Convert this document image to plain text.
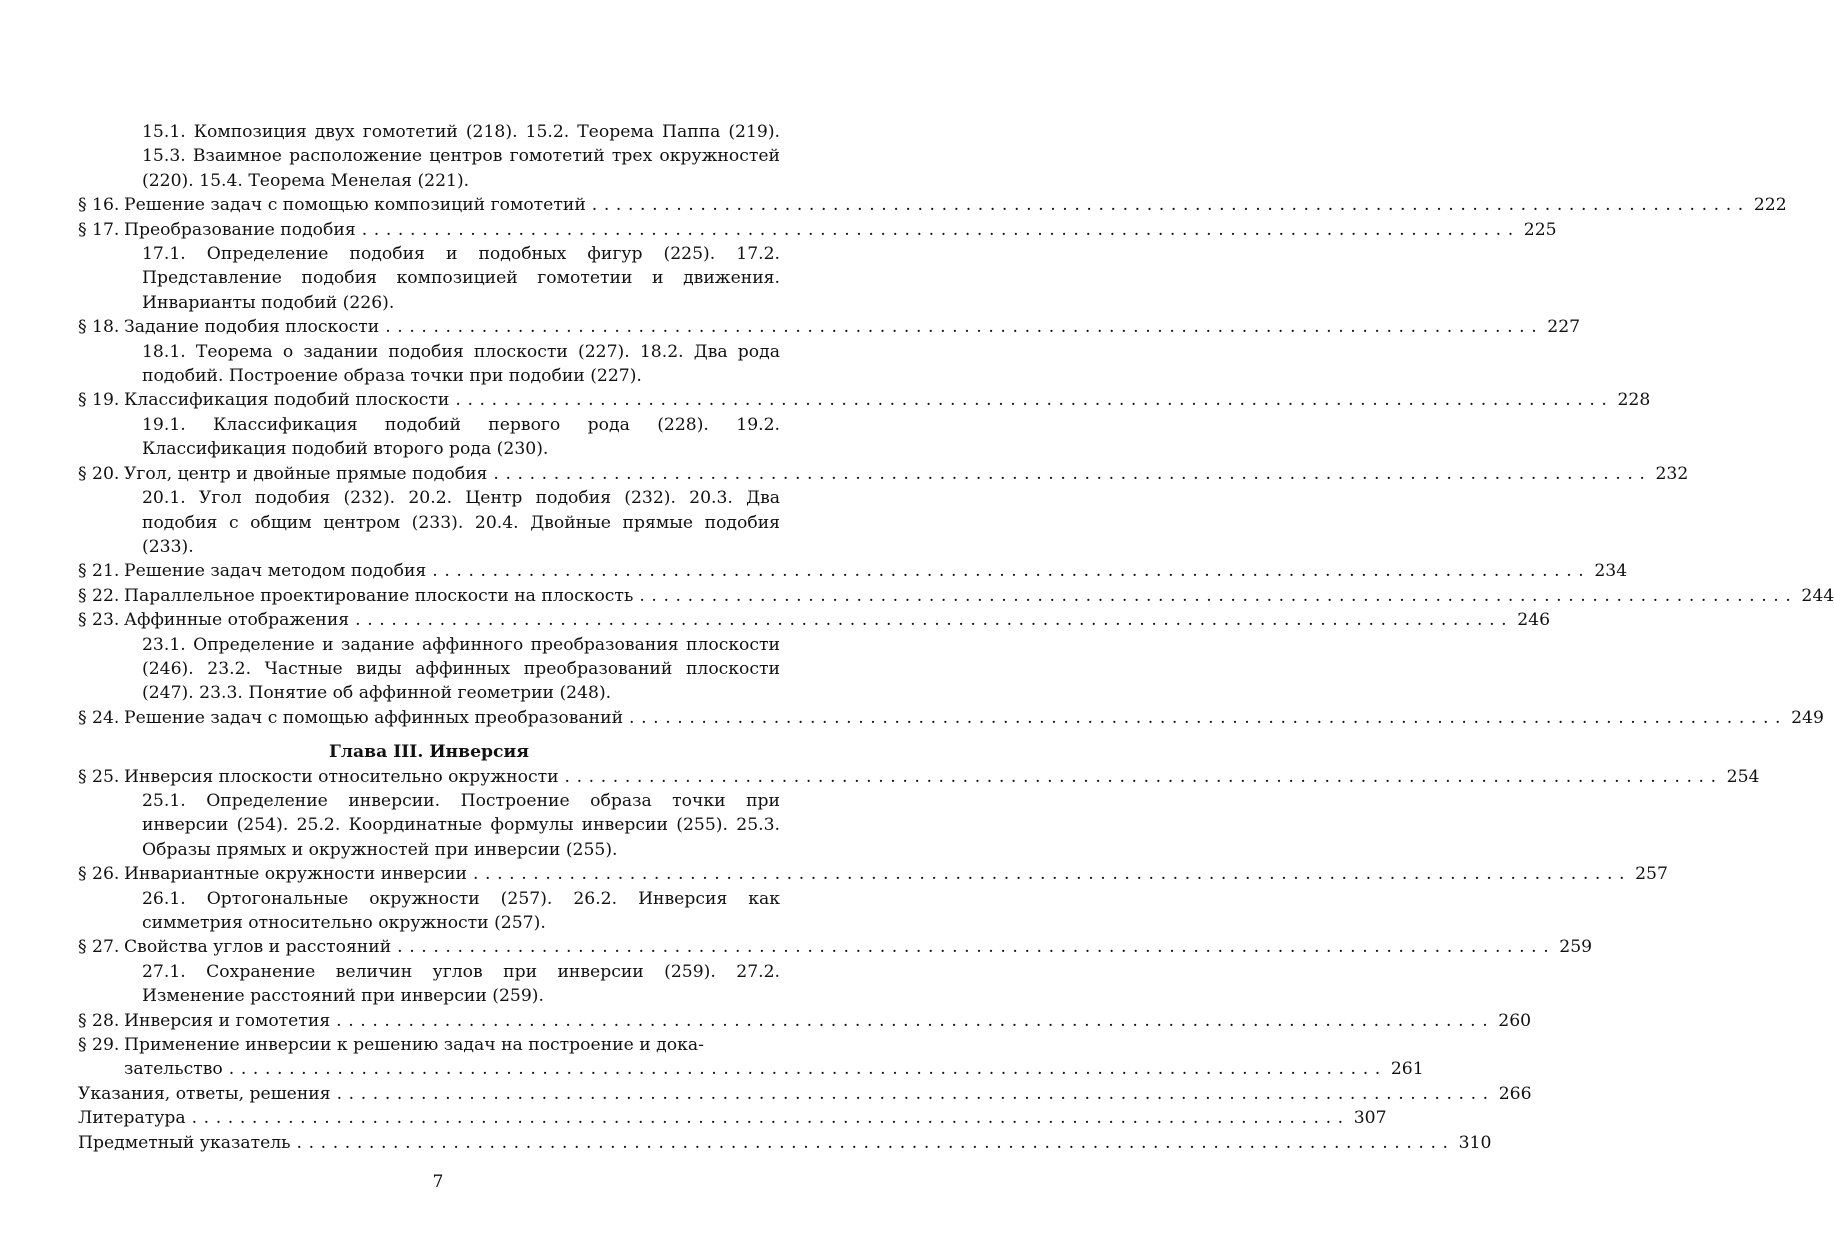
15.1. Композиция двух гомотетий (218). 15.2. Теорема Паппа (219). 15.3. Взаимное расположение центров гомотетий трех окружностей (220). 15.4. Теорема Менелая (221).
§ 16. Решение задач с помощью композиций гомотетий ................................................................................................ 222
§ 17. Преобразование подобия ................................................................................................ 225
17.1. Определение подобия и подобных фигур (225). 17.2. Представление подобия композицией гомотетии и движения. Инварианты подобий (226).
§ 18. Задание подобия плоскости ................................................................................................ 227
18.1. Теорема о задании подобия плоскости (227). 18.2. Два рода подобий. Построение образа точки при подобии (227).
§ 19. Классификация подобий плоскости ................................................................................................ 228
19.1. Классификация подобий первого рода (228). 19.2. Классификация подобий второго рода (230).
§ 20. Угол, центр и двойные прямые подобия ................................................................................................ 232
20.1. Угол подобия (232). 20.2. Центр подобия (232). 20.3. Два подобия с общим центром (233). 20.4. Двойные прямые подобия (233).
§ 21. Решение задач методом подобия ................................................................................................ 234
§ 22. Параллельное проектирование плоскости на плоскость ................................................................................................ 244
§ 23. Аффинные отображения ................................................................................................ 246
23.1. Определение и задание аффинного преобразования плоскости (246). 23.2. Частные виды аффинных преобразований плоскости (247). 23.3. Понятие об аффинной геометрии (248).
§ 24. Решение задач с помощью аффинных преобразований ................................................................................................ 249
Глава III. Инверсия
§ 25. Инверсия плоскости относительно окружности ................................................................................................ 254
25.1. Определение инверсии. Построение образа точки при инверсии (254). 25.2. Координатные формулы инверсии (255). 25.3. Образы прямых и окружностей при инверсии (255).
§ 26. Инвариантные окружности инверсии ................................................................................................ 257
26.1. Ортогональные окружности (257). 26.2. Инверсия как симметрия относительно окружности (257).
§ 27. Свойства углов и расстояний ................................................................................................ 259
27.1. Сохранение величин углов при инверсии (259). 27.2. Изменение расстояний при инверсии (259).
§ 28. Инверсия и гомотетия ................................................................................................ 260
§ 29. Применение инверсии к решению задач на построение и дока-
зательство ................................................................................................ 261
Указания, ответы, решения ................................................................................................ 266
Литература ................................................................................................ 307
Предметный указатель ................................................................................................ 310
7
